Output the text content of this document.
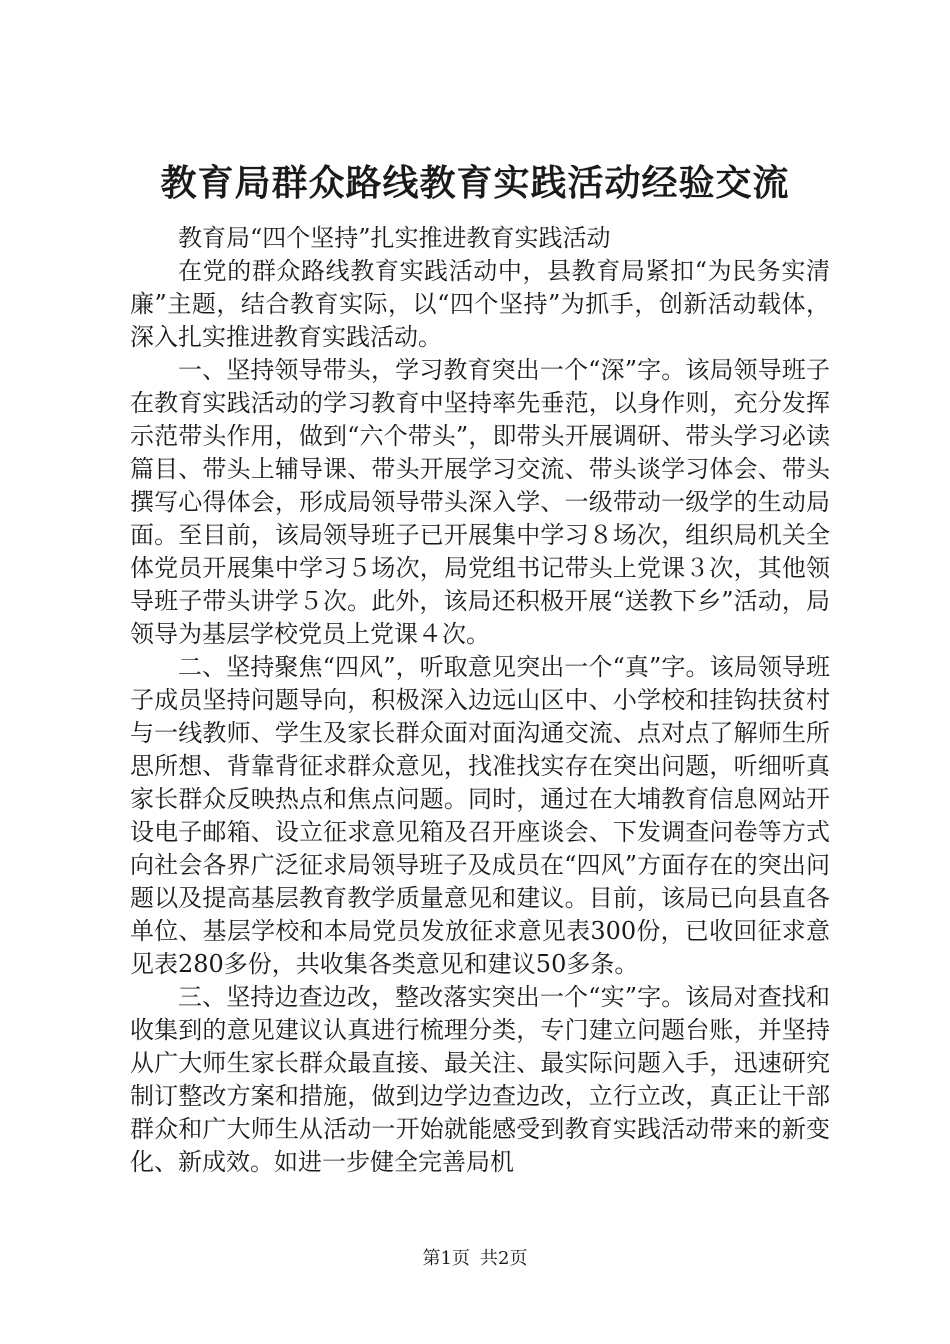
教育局群众路线教育实践活动经验交流

教育局“四个坚持”扎实推进教育实践活动

在党的群众路线教育实践活动中，县教育局紧扣“为民务实清廉”主题，结合教育实际，以“四个坚持”为抓手，创新活动载体，深入扎实推进教育实践活动。

一、坚持领导带头，学习教育突出一个“深”字。该局领导班子在教育实践活动的学习教育中坚持率先垂范，以身作则，充分发挥示范带头作用，做到“六个带头”，即带头开展调研、带头学习必读篇目、带头上辅导课、带头开展学习交流、带头谈学习体会、带头撰写心得体会，形成局领导带头深入学、一级带动一级学的生动局面。至目前，该局领导班子已开展集中学习８场次，组织局机关全体党员开展集中学习５场次，局党组书记带头上党课３次，其他领导班子带头讲学５次。此外，该局还积极开展“送教下乡”活动，局领导为基层学校党员上党课４次。

二、坚持聚焦“四风”，听取意见突出一个“真”字。该局领导班子成员坚持问题导向，积极深入边远山区中、小学校和挂钩扶贫村与一线教师、学生及家长群众面对面沟通交流、点对点了解师生所思所想、背靠背征求群众意见，找准找实存在突出问题，听细听真家长群众反映热点和焦点问题。同时，通过在大埔教育信息网站开设电子邮箱、设立征求意见箱及召开座谈会、下发调查问卷等方式向社会各界广泛征求局领导班子及成员在“四风”方面存在的突出问题以及提高基层教育教学质量意见和建议。目前，该局已向县直各单位、基层学校和本局党员发放征求意见表300份，已收回征求意见表280多份，共收集各类意见和建议50多条。

三、坚持边查边改，整改落实突出一个“实”字。该局对查找和收集到的意见建议认真进行梳理分类，专门建立问题台账，并坚持从广大师生家长群众最直接、最关注、最实际问题入手，迅速研究制订整改方案和措施，做到边学边查边改，立行立改，真正让干部群众和广大师生从活动一开始就能感受到教育实践活动带来的新变化、新成效。如进一步健全完善局机

第1页 共2页
